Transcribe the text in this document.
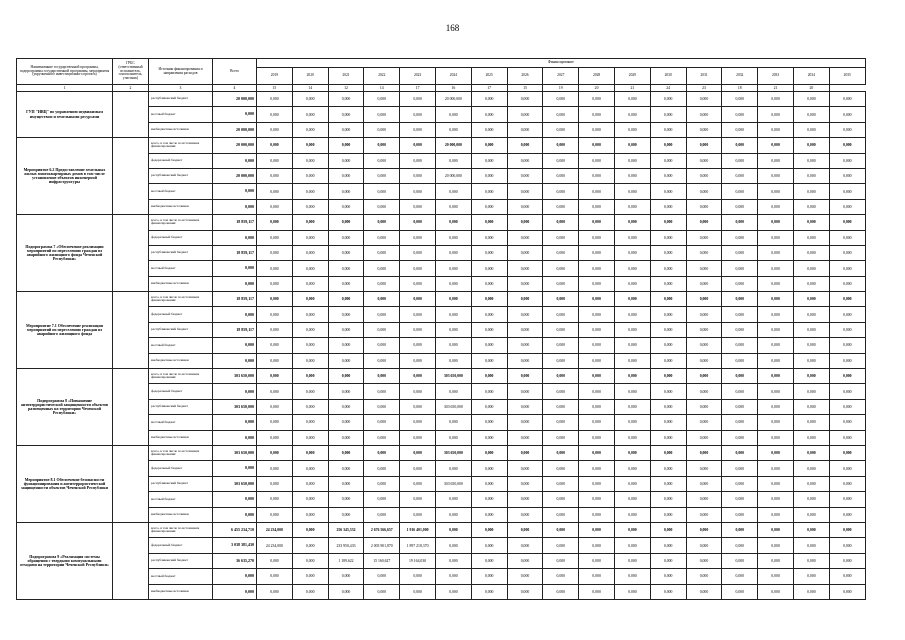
168
Наименование государственной программы, подпрограммы государственной программы, мероприятия (укрупненного инвестиционного проекта)	ГРБС (ответственный исполнитель, соисполнитель, участник)	Источник финансирования и направления расходов	Всего	Финансирование																
				2019	2020	2021	2022	2023	2024	2025	2026	2027	2028	2029	2030	2031	2032	2033	2034	2035
1	2	3	4	15	14	12	14	17	16	17	15	19	20	21	24	23	18	21	20	
ГУП "ИВЦ" по управлению недвижимым имуществом и земельными ресурсами		республиканский бюджет	20 000,000	0,000	0,000	0,000	0,000	0,000	20 000,000	0,000	0,000	0,000	0,000	0,000	0,000	0,000	0,000	0,000	0,000	0,000
		местный бюджет	0,000	0,000	0,000	0,000	0,000	0,000	0,000	0,000	0,000	0,000	0,000	0,000	0,000	0,000	0,000	0,000	0,000	0,000
		внебюджетные источники	20 000,000	0,000	0,000	0,000	0,000	0,000	0,000	0,000	0,000	0,000	0,000	0,000	0,000	0,000	0,000	0,000	0,000	0,000
Мероприятие 6.2 Предоставление земельных жилых многоквартирных домов в том числе установление объектов инженерной инфраструктуры		всего, в том числе по источникам финансирования:	20 000,000	0,000	0,000	0,000	0,000	0,000	20 000,000	0,000	0,000	0,000	0,000	0,000	0,000	0,000	0,000	0,000	0,000	0,000
		федеральный бюджет	0,000	0,000	0,000	0,000	0,000	0,000	0,000	0,000	0,000	0,000	0,000	0,000	0,000	0,000	0,000	0,000	0,000	0,000
		республиканский бюджет	20 000,000	0,000	0,000	0,000	0,000	0,000	20 000,000	0,000	0,000	0,000	0,000	0,000	0,000	0,000	0,000	0,000	0,000	0,000
		местный бюджет	0,000	0,000	0,000	0,000	0,000	0,000	0,000	0,000	0,000	0,000	0,000	0,000	0,000	0,000	0,000	0,000	0,000	0,000
		внебюджетные источники	0,000	0,000	0,000	0,000	0,000	0,000	0,000	0,000	0,000	0,000	0,000	0,000	0,000	0,000	0,000	0,000	0,000	0,000
Подпрограмма 7 «Обеспечение реализации мероприятий по переселению граждан из аварийного жилищного фонда Чеченской Республики»		всего, в том числе по источникам финансирования:	18 859,117	0,000	0,000	0,000	0,000	0,000	0,000	0,000	0,000	0,000	0,000	0,000	0,000	0,000	0,000	0,000	0,000	0,000
		федеральный бюджет	0,000	0,000	0,000	0,000	0,000	0,000	0,000	0,000	0,000	0,000	0,000	0,000	0,000	0,000	0,000	0,000	0,000	0,000
		республиканский бюджет	18 859,117	0,000	0,000	0,000	0,000	0,000	0,000	0,000	0,000	0,000	0,000	0,000	0,000	0,000	0,000	0,000	0,000	0,000
		местный бюджет	0,000	0,000	0,000	0,000	0,000	0,000	0,000	0,000	0,000	0,000	0,000	0,000	0,000	0,000	0,000	0,000	0,000	0,000
		внебюджетные источники	0,000	0,000	0,000	0,000	0,000	0,000	0,000	0,000	0,000	0,000	0,000	0,000	0,000	0,000	0,000	0,000	0,000	0,000
Мероприятие 7.1 Обеспечение реализации мероприятий по переселению граждан из аварийного жилищного фонда		всего, в том числе по источникам финансирования:	18 859,117	0,000	0,000	0,000	0,000	0,000	0,000	0,000	0,000	0,000	0,000	0,000	0,000	0,000	0,000	0,000	0,000	0,000
		федеральный бюджет	0,000	0,000	0,000	0,000	0,000	0,000	0,000	0,000	0,000	0,000	0,000	0,000	0,000	0,000	0,000	0,000	0,000	0,000
		республиканский бюджет	18 859,117	0,000	0,000	0,000	0,000	0,000	0,000	0,000	0,000	0,000	0,000	0,000	0,000	0,000	0,000	0,000	0,000	0,000
		местный бюджет	0,000	0,000	0,000	0,000	0,000	0,000	0,000	0,000	0,000	0,000	0,000	0,000	0,000	0,000	0,000	0,000	0,000	0,000
		внебюджетные источники	0,000	0,000	0,000	0,000	0,000	0,000	0,000	0,000	0,000	0,000	0,000	0,000	0,000	0,000	0,000	0,000	0,000	0,000
Подпрограмма 8 «Повышение антитеррористической защищенности объектов размещенных на территории Чеченской Республики»		всего, в том числе по источникам финансирования:	303 650,000	0,000	0,000	0,000	0,000	0,000	303 650,000	0,000	0,000	0,000	0,000	0,000	0,000	0,000	0,000	0,000	0,000	0,000
		федеральный бюджет	0,000	0,000	0,000	0,000	0,000	0,000	0,000	0,000	0,000	0,000	0,000	0,000	0,000	0,000	0,000	0,000	0,000	0,000
		республиканский бюджет	303 650,000	0,000	0,000	0,000	0,000	0,000	303 650,000	0,000	0,000	0,000	0,000	0,000	0,000	0,000	0,000	0,000	0,000	0,000
		местный бюджет	0,000	0,000	0,000	0,000	0,000	0,000	0,000	0,000	0,000	0,000	0,000	0,000	0,000	0,000	0,000	0,000	0,000	0,000
		внебюджетные источники	0,000	0,000	0,000	0,000	0,000	0,000	0,000	0,000	0,000	0,000	0,000	0,000	0,000	0,000	0,000	0,000	0,000	0,000
Мероприятие 8.1 Обеспечение безопасности функционирования и антитеррористической защищенности объектов Чеченской Республики		всего, в том числе по источникам финансирования:	303 650,000	0,000	0,000	0,000	0,000	0,000	303 650,000	0,000	0,000	0,000	0,000	0,000	0,000	0,000	0,000	0,000	0,000	0,000
		федеральный бюджет	0,000	0,000	0,000	0,000	0,000	0,000	0,000	0,000	0,000	0,000	0,000	0,000	0,000	0,000	0,000	0,000	0,000	0,000
		республиканский бюджет	303 650,000	0,000	0,000	0,000	0,000	0,000	303 650,000	0,000	0,000	0,000	0,000	0,000	0,000	0,000	0,000	0,000	0,000	0,000
		местный бюджет	0,000	0,000	0,000	0,000	0,000	0,000	0,000	0,000	0,000	0,000	0,000	0,000	0,000	0,000	0,000	0,000	0,000	0,000
		внебюджетные источники	0,000	0,000	0,000	0,000	0,000	0,000	0,000	0,000	0,000	0,000	0,000	0,000	0,000	0,000	0,000	0,000	0,000	0,000
Подпрограмма 9 «Реализация системы обращения с твердыми коммунальными отходами на территории Чеченской Республики»		всего, в том числе по источникам финансирования:	6 455 234,710	24 234,000	0,000	256 345,332	2 676 566,657	1 916 401,000	0,000	0,000	0,000	0,000	0,000	0,000	0,000	0,000	0,000	0,000	0,000	0,000
		федеральный бюджет	3 038 381,430	24 234,000	0,000	233 950,433	2 003 901,870	1 897 218,370	0,000	0,000	0,000	0,000	0,000	0,000	0,000	0,000	0,000	0,000	0,000	0,000
		республиканский бюджет	36 635,270	0,000	0,000	1 189,622	15 160,627	19 164,030	0,000	0,000	0,000	0,000	0,000	0,000	0,000	0,000	0,000	0,000	0,000	0,000
		местный бюджет	0,000	0,000	0,000	0,000	0,000	0,000	0,000	0,000	0,000	0,000	0,000	0,000	0,000	0,000	0,000	0,000	0,000	0,000
		внебюджетные источники	0,000	0,000	0,000	0,000	0,000	0,000	0,000	0,000	0,000	0,000	0,000	0,000	0,000	0,000	0,000	0,000	0,000	0,000
